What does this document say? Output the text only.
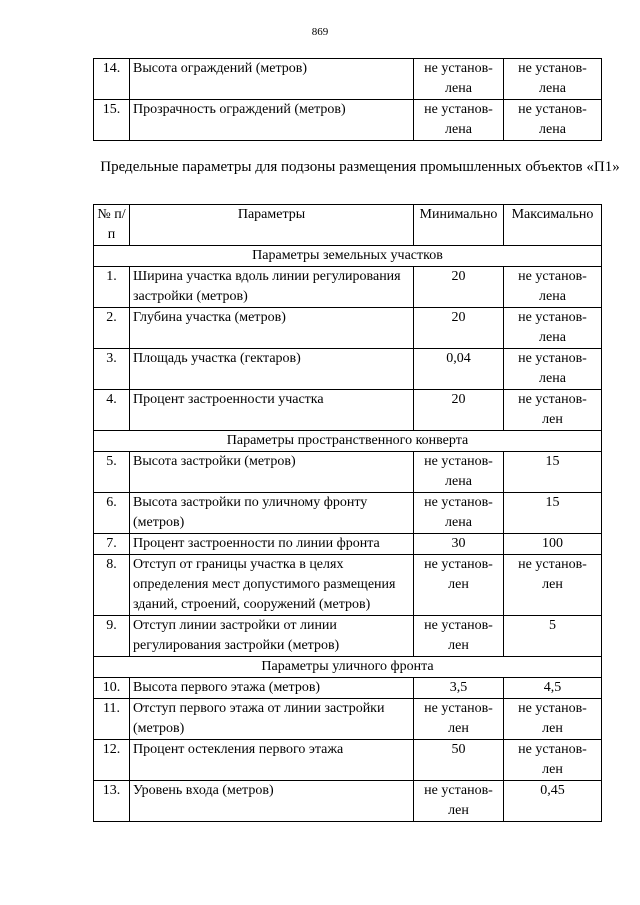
869
14.	Высота ограждений (метров)	не установ- лена	не установ- лена
15.	Прозрачность ограждений (метров)	не установ- лена	не установ- лена
Предельные параметры для подзоны размещения промышленных объектов «П1»
№ п/п	Параметры	Минимально	Максимально
Параметры земельных участков			
1.	Ширина участка вдоль линии регулирования застройки (метров)	20	не установ- лена
2.	Глубина участка (метров)	20	не установ- лена
3.	Площадь участка (гектаров)	0,04	не установ- лена
4.	Процент застроенности участка	20	не установ- лен
Параметры пространственного конверта			
5.	Высота застройки (метров)	не установ- лена	15
6.	Высота застройки по уличному фронту (метров)	не установ- лена	15
7.	Процент застроенности по линии фронта	30	100
8.	Отступ от границы участка в целях определения мест допустимого размещения зданий, строений, сооружений (метров)	не установ- лен	не установ- лен
9.	Отступ линии застройки от линии регулирования застройки (метров)	не установ- лен	5
Параметры уличного фронта			
10.	Высота первого этажа (метров)	3,5	4,5
11.	Отступ первого этажа от линии застройки (метров)	не установ- лен	не установ- лен
12.	Процент остекления первого этажа	50	не установ- лен
13.	Уровень входа (метров)	не установ- лен	0,45
